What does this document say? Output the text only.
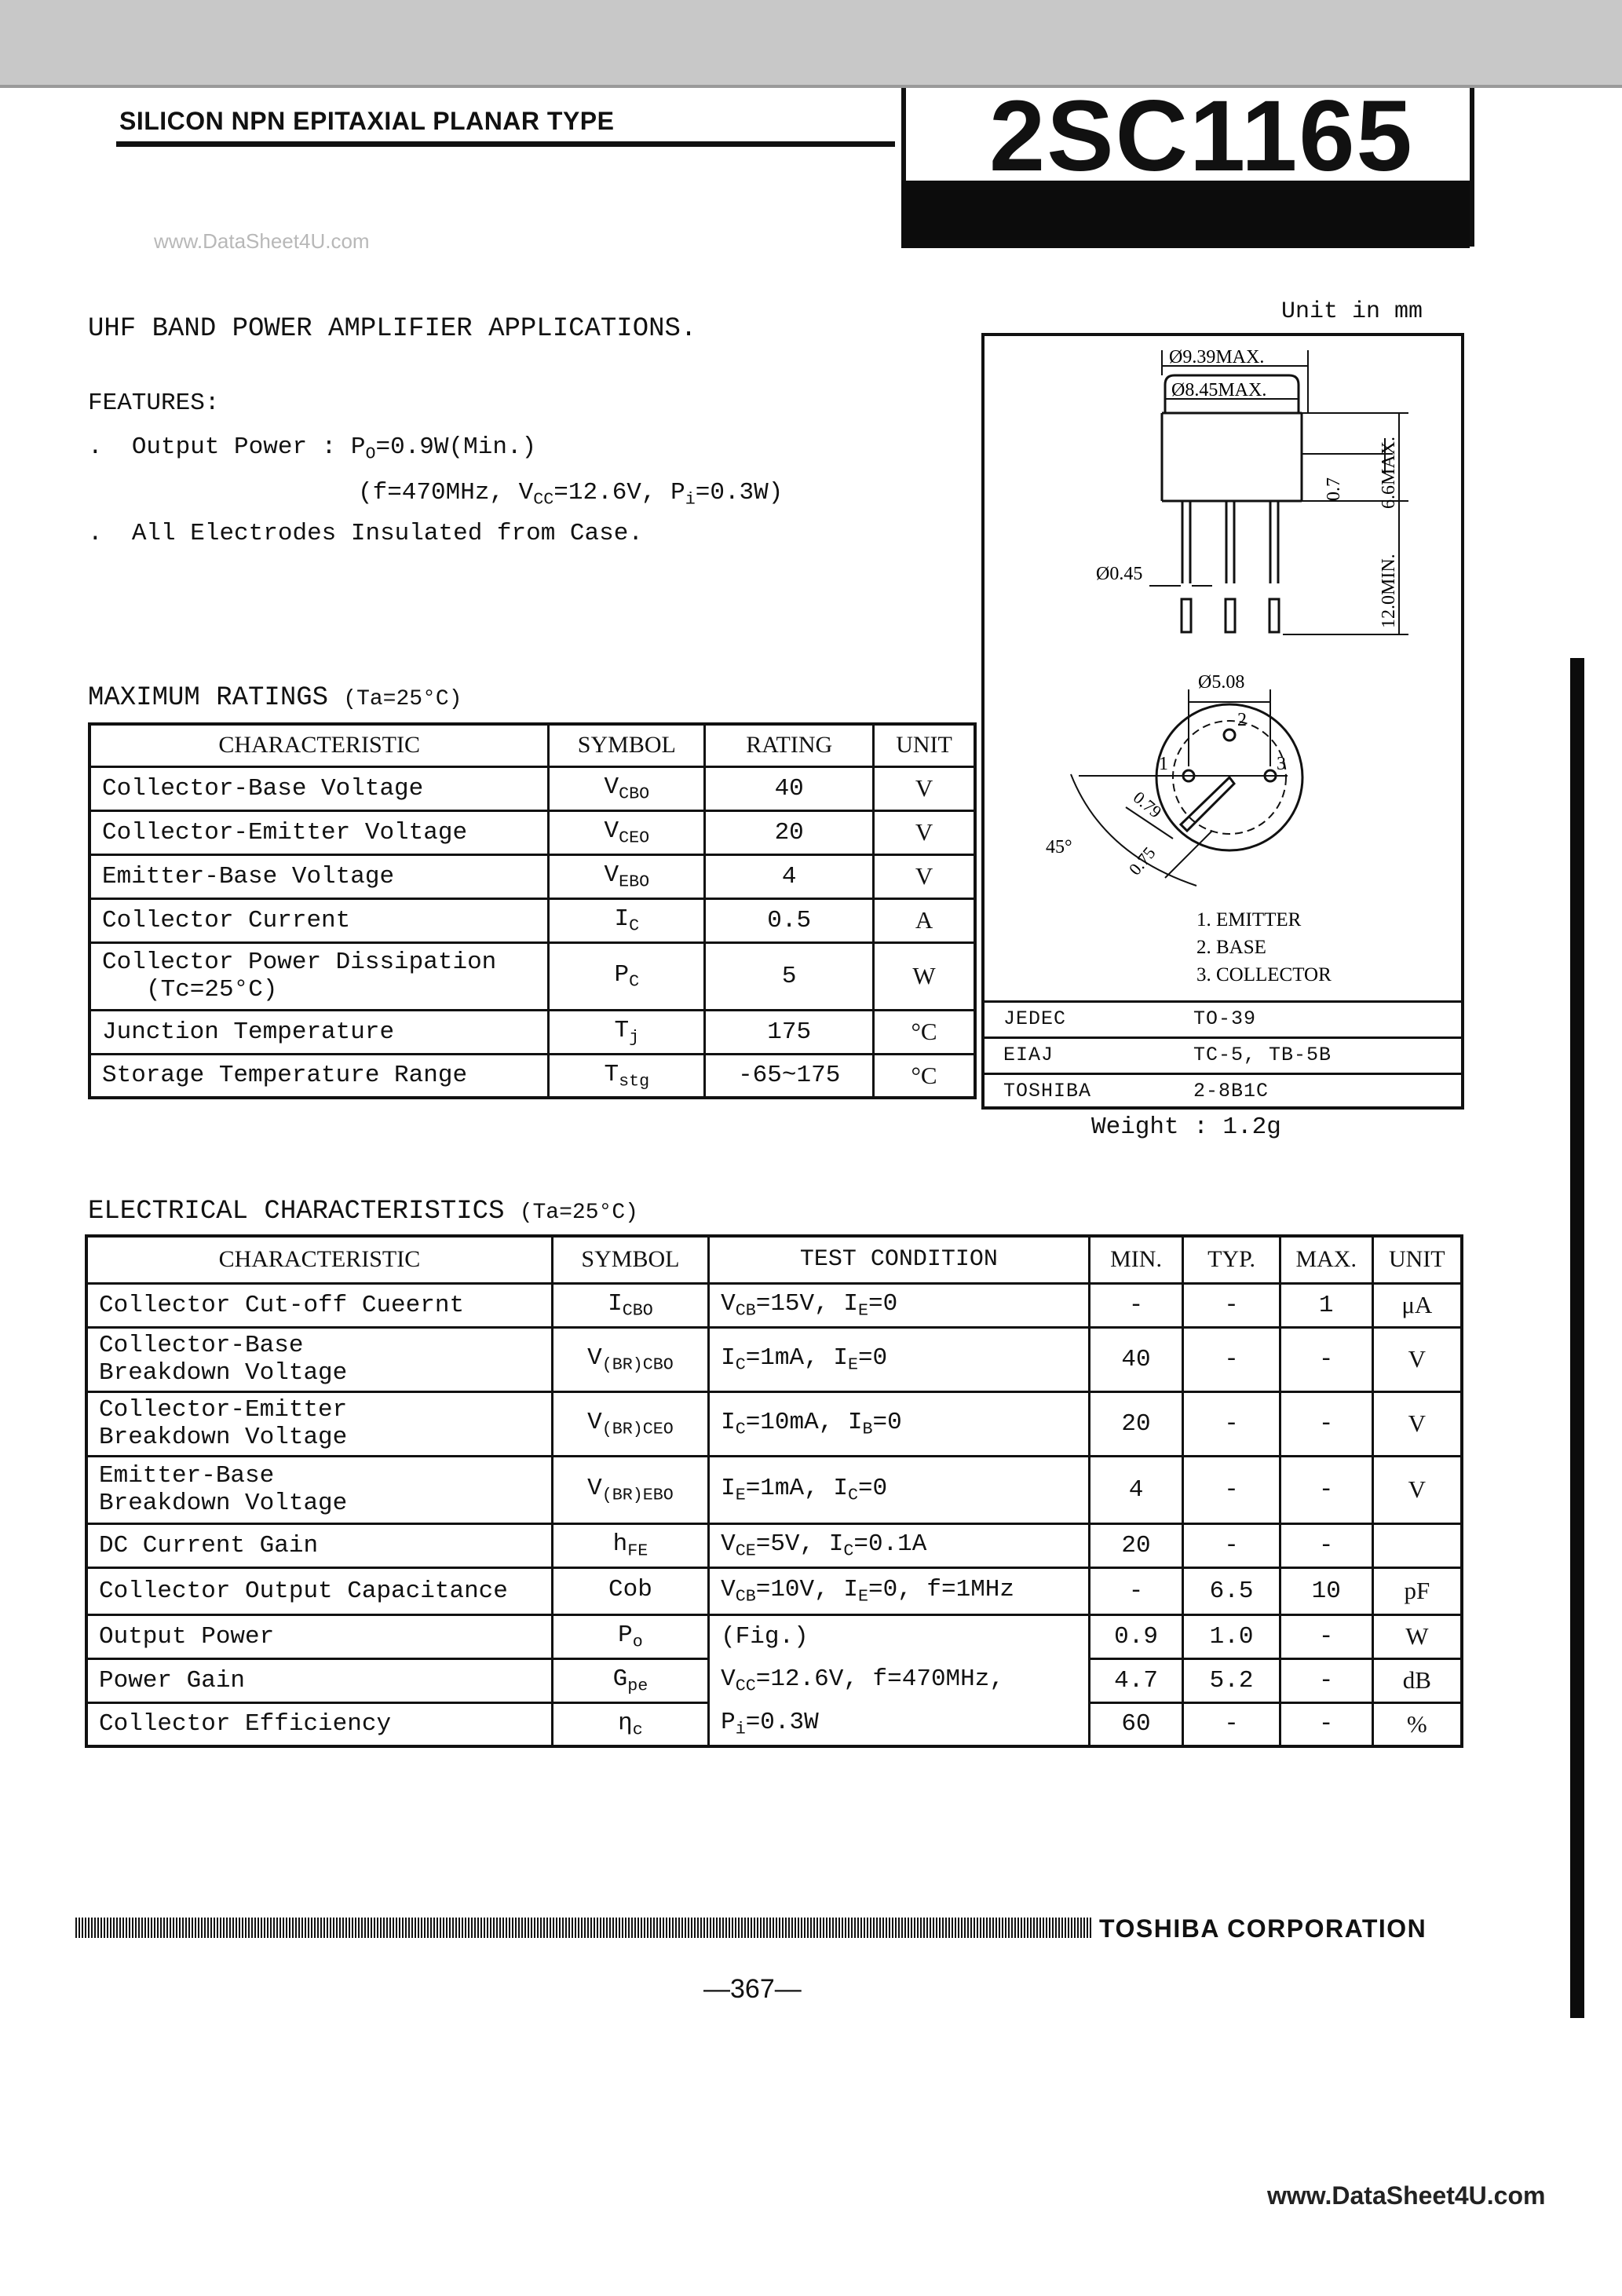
SILICON NPN EPITAXIAL PLANAR TYPE	2SC1165
www.DataSheet4U.com
UHF BAND POWER AMPLIFIER APPLICATIONS.
FEATURES:
. Output Power : $P_O=0.9W(Min.)$
(f=470MHz, $V_{CC}=12.6V$, $P_i=0.3W$)
. All Electrodes Insulated from Case.
Unit in mm
Ø9.39MAX.
Ø8.45MAX.
0.7 6.6MAX.
12.0MIN.
Ø0.45
Ø5.08
0.79
0.75
45°
2
1	3
1. EMITTER
2. BASE
3. COLLECTOR
JEDEC	TO-39
EIAJ	TC-5, TB-5B
TOSHIBA	2-8B1C
Weight : 1.2g
MAXIMUM RATINGS (Ta=25°C)
CHARACTERISTIC	SYMBOL	RATING	UNIT
Collector-Base Voltage	$V_{CBO}$	40	V
Collector-Emitter Voltage	$V_{CEO}$	20	V
Emitter-Base Voltage	$V_{EBO}$	4	V
Collector Current	$I_C$	0.5	A

Collector Power Dissipation
(Tc=25°C)	$P_C$	5	W
Junction Temperature	$T_j$	175	°C
Storage Temperature Range	$T_{stg}$	-65~175	°C
ELECTRICAL CHARACTERISTICS (Ta=25°C)
CHARACTERISTIC	SYMBOL	TEST CONDITION	MIN.	TYP.	MAX.	UNIT
Collector Cut-off Cueernt	$I_{CBO}$	$V_{CB}=15V$, $I_E=0$	-	-	1	μA

Collector-Base
Breakdown Voltage	$V_{(BR)CBO}$	$I_C=1mA$, $I_E=0$	40	-	-	V

Collector-Emitter
Breakdown Voltage	$V_{(BR)CEO}$	$I_C=10mA$, $I_B=0$	20	-	-	V

Emitter-Base
Breakdown Voltage	$V_{(BR)EBO}$	$I_E=1mA$, $I_C=0$	4	-	-	V
DC Current Gain	$h_{FE}$	$V_{CE}=5V$, $I_C=0.1A$	20	-	-	
Collector Output Capacitance	Cob	$V_{CB}=10V$, $I_E=0$, f=1MHz	-	6.5	10	pF
Output Power	$P_o$	(Fig.)	0.9	1.0	-	W
Power Gain	$G_{pe}$	$V_{CC}=12.6V$, f=470MHz,	4.7	5.2	-	dB
Collector Efficiency	$\eta_c$	$P_i=0.3W$	60	-	-	%
TOSHIBA CORPORATION
—367—
www.DataSheet4U.com
